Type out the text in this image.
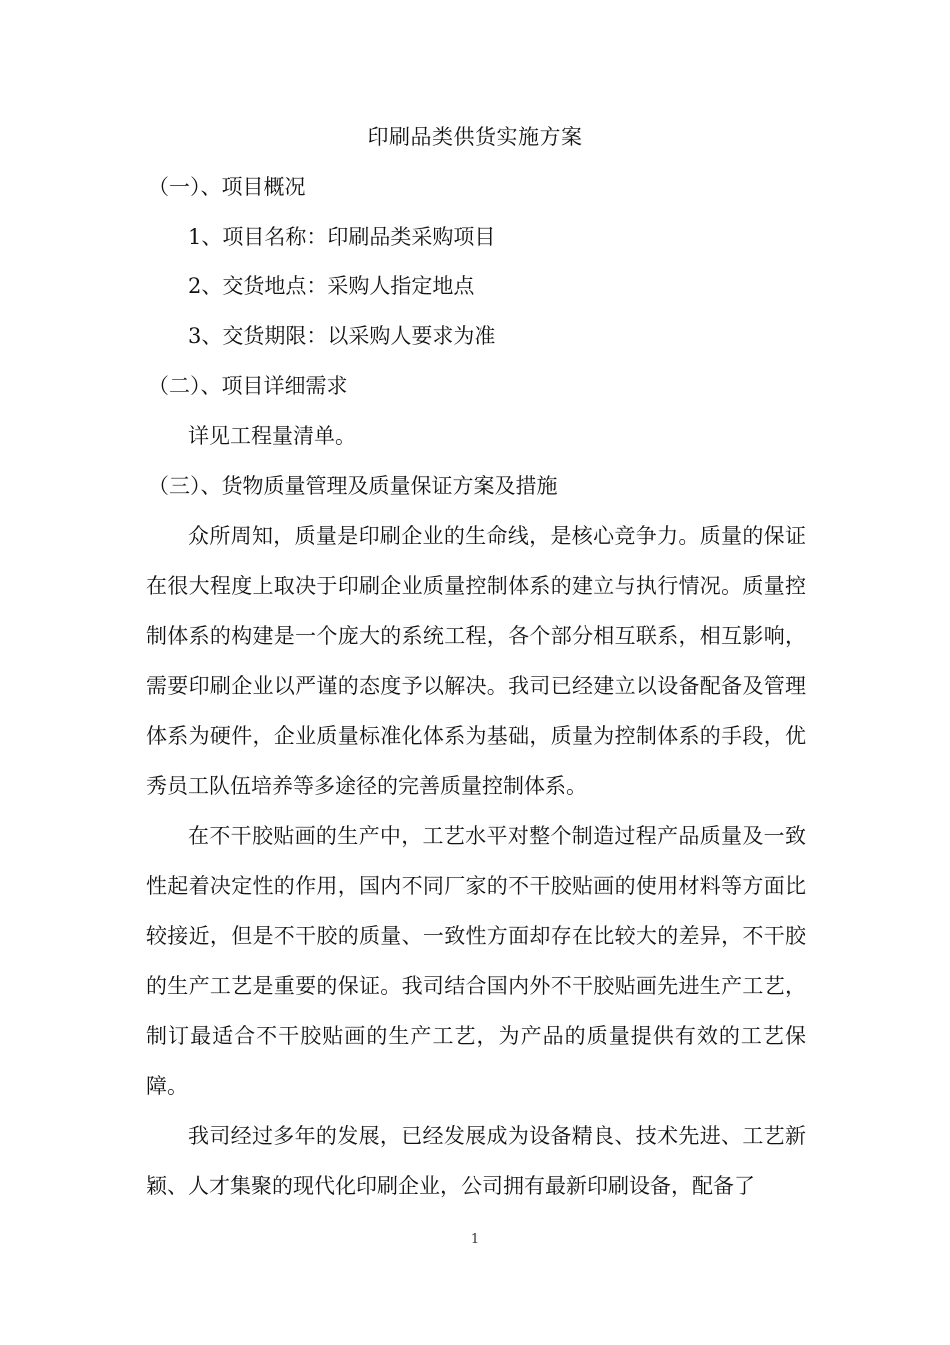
印刷品类供货实施方案
（一）、项目概况
1、项目名称：印刷品类采购项目
2、交货地点：采购人指定地点
3、交货期限：以采购人要求为准
（二）、项目详细需求
详见工程量清单。
（三）、货物质量管理及质量保证方案及措施

众所周知，质量是印刷企业的生命线，是核心竞争力。质量的保证在很大程度上取决于印刷企业质量控制体系的建立与执行情况。质量控制体系的构建是一个庞大的系统工程，各个部分相互联系，相互影响，需要印刷企业以严谨的态度予以解决。我司已经建立以设备配备及管理体系为硬件，企业质量标准化体系为基础，质量为控制体系的手段，优秀员工队伍培养等多途径的完善质量控制体系。

在不干胶贴画的生产中，工艺水平对整个制造过程产品质量及一致性起着决定性的作用，国内不同厂家的不干胶贴画的使用材料等方面比较接近，但是不干胶的质量、一致性方面却存在比较大的差异，不干胶的生产工艺是重要的保证。我司结合国内外不干胶贴画先进生产工艺，制订最适合不干胶贴画的生产工艺，为产品的质量提供有效的工艺保障。

我司经过多年的发展，已经发展成为设备精良、技术先进、工艺新颖、人才集聚的现代化印刷企业，公司拥有最新印刷设备，配备了

1
